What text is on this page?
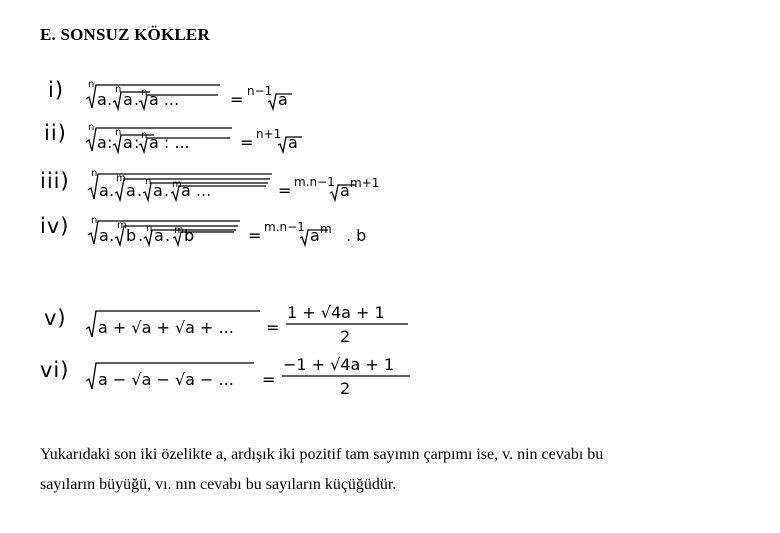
E. SONSUZ KÖKLER
i) n
a .
n
a . n a ...	= n−1 a
ii) n
a :
n
a : n a : ...	= n+1 a
iii) n
a .
m
a . n a . m a ...	= m.n−1 a m+1
iv) n
a .
m
b . n a . m b	= m.n−1 a m . b
v) a + √a + √a + ... =
1 + √4a + 1
2
vi) a − √a − √a − ... =
−1 + √4a + 1
2
Yukarıdaki son iki özelikte a, ardışık iki pozitif tam sayının çarpımı ise, v. nin cevabı bu
sayıların büyüğü, vı. nın cevabı bu sayıların küçüğüdür.
